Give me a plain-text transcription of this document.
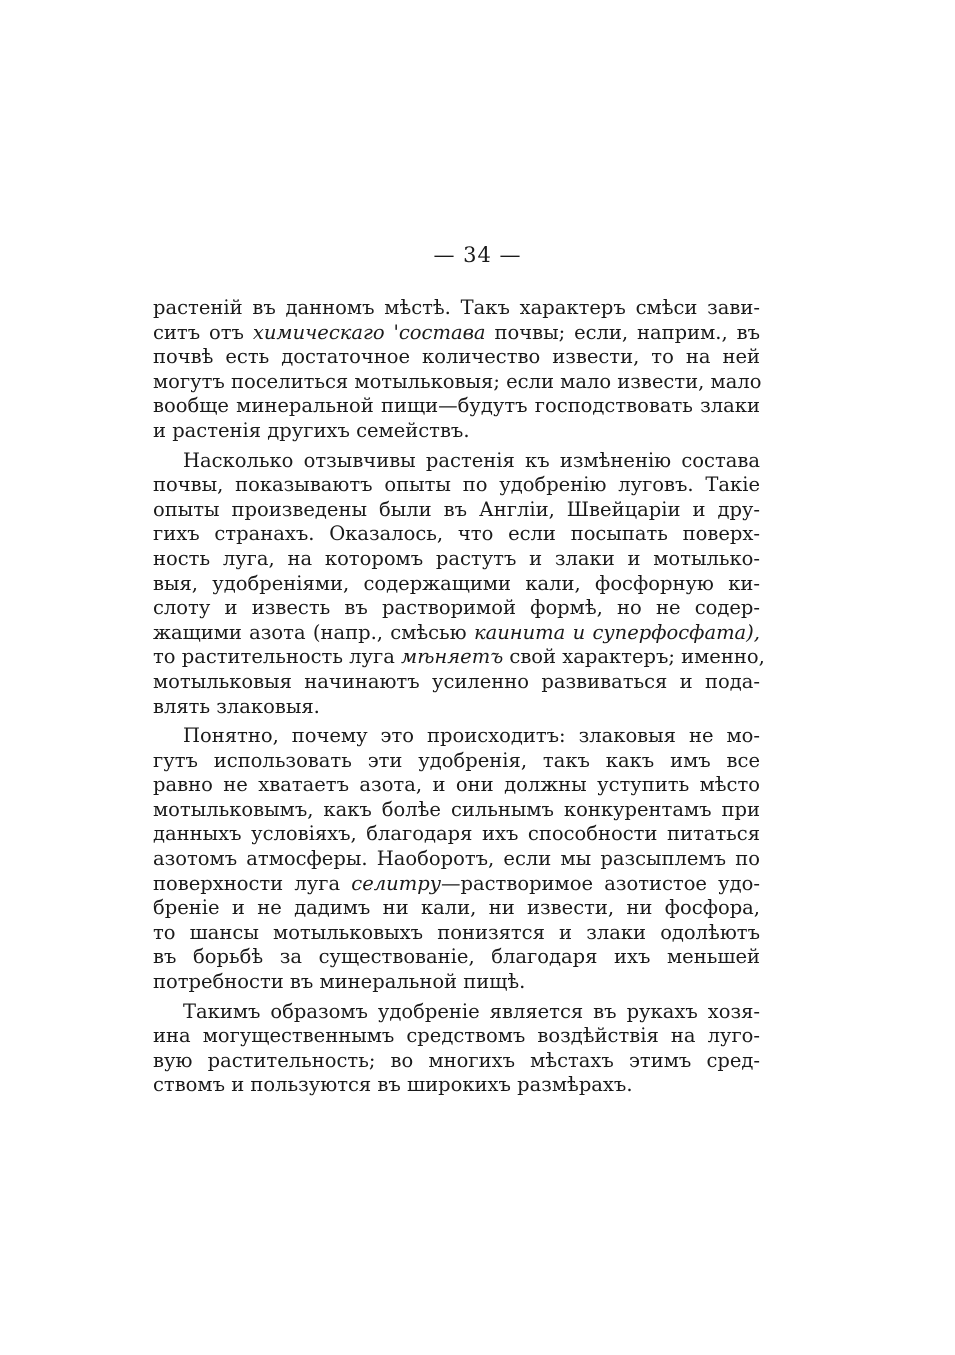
— 34 —
растеній въ данномъ мѣстѣ. Такъ характеръ смѣси зави-
ситъ отъ химическаго 'состава почвы; если, наприм., въ
почвѣ есть достаточное количество извести, то на ней
могутъ поселиться мотыльковыя; если мало извести, мало
вообще минеральной пищи—будутъ господствовать злаки
и растенія другихъ семействъ.
Насколько отзывчивы растенія къ измѣненію состава
почвы, показываютъ опыты по удобренію луговъ. Такіе
опыты произведены были въ Англіи, Швейцаріи и дру-
гихъ странахъ. Оказалось, что если посыпать поверх-
ность луга, на которомъ растутъ и злаки и мотылько-
выя, удобреніями, содержащими кали, фосфорную ки-
слоту и известь въ растворимой формѣ, но не содер-
жащими азота (напр., смѣсью каинита и суперфосфата),
то растительность луга мѣняетъ свой характеръ; именно,
мотыльковыя начинаютъ усиленно развиваться и пода-
влять злаковыя.
Понятно, почему это происходитъ: злаковыя не мо-
гутъ использовать эти удобренія, такъ какъ имъ все
равно не хватаетъ азота, и они должны уступить мѣсто
мотыльковымъ, какъ болѣе сильнымъ конкурентамъ при
данныхъ условіяхъ, благодаря ихъ способности питаться
азотомъ атмосферы. Наоборотъ, если мы разсыплемъ по
поверхности луга селитру—растворимое азотистое удо-
бреніе и не дадимъ ни кали, ни извести, ни фосфора,
то шансы мотыльковыхъ понизятся и злаки одолѣютъ
въ борьбѣ за существованіе, благодаря ихъ меньшей
потребности въ минеральной пищѣ.
Такимъ образомъ удобреніе является въ рукахъ хозя-
ина могущественнымъ средствомъ воздѣйствія на луго-
вую растительность; во многихъ мѣстахъ этимъ сред-
ствомъ и пользуются въ широкихъ размѣрахъ.
